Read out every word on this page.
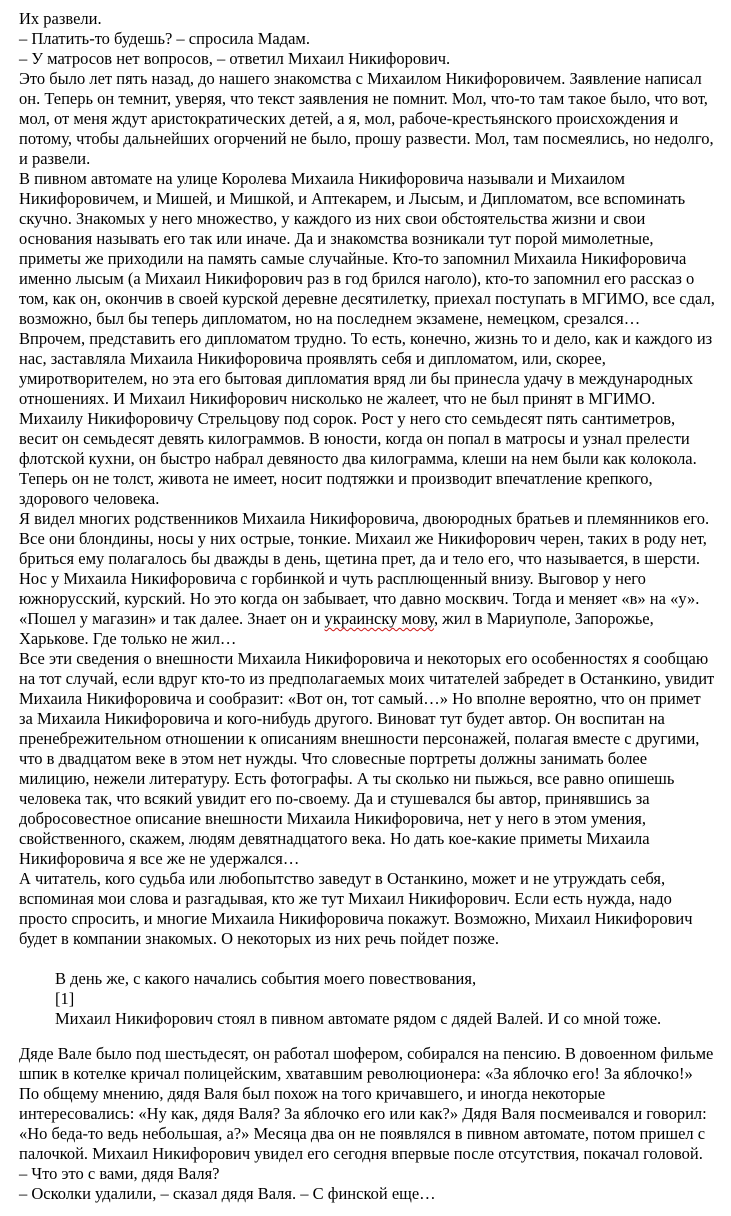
Их развели.

– Платить-то будешь? – спросила Мадам.

– У матросов нет вопросов, – ответил Михаил Никифорович.

Это было лет пять назад, до нашего знакомства с Михаилом Никифоровичем. Заявление написал он. Теперь он темнит, уверяя, что текст заявления не помнит. Мол, что-то там такое было, что вот, мол, от меня ждут аристократических детей, а я, мол, рабоче-крестьянского происхождения и потому, чтобы дальнейших огорчений не было, прошу развести. Мол, там посмеялись, но недолго, и развели.

В пивном автомате на улице Королева Михаила Никифоровича называли и Михаилом Никифоровичем, и Мишей, и Мишкой, и Аптекарем, и Лысым, и Дипломатом, все вспоминать скучно. Знакомых у него множество, у каждого из них свои обстоятельства жизни и свои основания называть его так или иначе. Да и знакомства возникали тут порой мимолетные, приметы же приходили на память самые случайные. Кто-то запомнил Михаила Никифоровича именно лысым (а Михаил Никифорович раз в год брился наголо), кто-то запомнил его рассказ о том, как он, окончив в своей курской деревне десятилетку, приехал поступать в МГИМО, все сдал, возможно, был бы теперь дипломатом, но на последнем экзамене, немецком, срезался…

Впрочем, представить его дипломатом трудно. То есть, конечно, жизнь то и дело, как и каждого из нас, заставляла Михаила Никифоровича проявлять себя и дипломатом, или, скорее, умиротворителем, но эта его бытовая дипломатия вряд ли бы принесла удачу в международных отношениях. И Михаил Никифорович нисколько не жалеет, что не был принят в МГИМО.

Михаилу Никифоровичу Стрельцову под сорок. Рост у него сто семьдесят пять сантиметров, весит он семьдесят девять килограммов. В юности, когда он попал в матросы и узнал прелести флотской кухни, он быстро набрал девяносто два килограмма, клеши на нем были как колокола. Теперь он не толст, живота не имеет, носит подтяжки и производит впечатление крепкого, здорового человека.

Я видел многих родственников Михаила Никифоровича, двоюродных братьев и племянников его. Все они блондины, носы у них острые, тонкие. Михаил же Никифорович черен, таких в роду нет, бриться ему полагалось бы дважды в день, щетина прет, да и тело его, что называется, в шерсти. Нос у Михаила Никифоровича с горбинкой и чуть расплющенный внизу. Выговор у него южнорусский, курский. Но это когда он забывает, что давно москвич. Тогда и меняет «в» на «у». «Пошел у магазин» и так далее. Знает он и украинску мову, жил в Мариуполе, Запорожье, Харькове. Где только не жил…

Все эти сведения о внешности Михаила Никифоровича и некоторых его особенностях я сообщаю на тот случай, если вдруг кто-то из предполагаемых моих читателей забредет в Останкино, увидит Михаила Никифоровича и сообразит: «Вот он, тот самый…» Но вполне вероятно, что он примет за Михаила Никифоровича и кого-нибудь другого. Виноват тут будет автор. Он воспитан на пренебрежительном отношении к описаниям внешности персонажей, полагая вместе с другими, что в двадцатом веке в этом нет нужды. Что словесные портреты должны занимать более милицию, нежели литературу. Есть фотографы. А ты сколько ни пыжься, все равно опишешь человека так, что всякий увидит его по-своему. Да и стушевался бы автор, принявшись за добросовестное описание внешности Михаила Никифоровича, нет у него в этом умения, свойственного, скажем, людям девятнадцатого века. Но дать кое-какие приметы Михаила Никифоровича я все же не удержался…

А читатель, кого судьба или любопытство заведут в Останкино, может и не утруждать себя, вспоминая мои слова и разгадывая, кто же тут Михаил Никифорович. Если есть нужда, надо просто спросить, и многие Михаила Никифоровича покажут. Возможно, Михаил Никифорович будет в компании знакомых. О некоторых из них речь пойдет позже.

В день же, с какого начались события моего повествования,

[1]

Михаил Никифорович стоял в пивном автомате рядом с дядей Валей. И со мной тоже.

Дяде Вале было под шестьдесят, он работал шофером, собирался на пенсию. В довоенном фильме шпик в котелке кричал полицейским, хватавшим революционера: «За яблочко его! За яблочко!» По общему мнению, дядя Валя был похож на того кричавшего, и иногда некоторые интересовались: «Ну как, дядя Валя? За яблочко его или как?» Дядя Валя посмеивался и говорил: «Но беда-то ведь небольшая, а?» Месяца два он не появлялся в пивном автомате, потом пришел с палочкой. Михаил Никифорович увидел его сегодня впервые после отсутствия, покачал головой.

– Что это с вами, дядя Валя?

– Осколки удалили, – сказал дядя Валя. – С финской еще…
